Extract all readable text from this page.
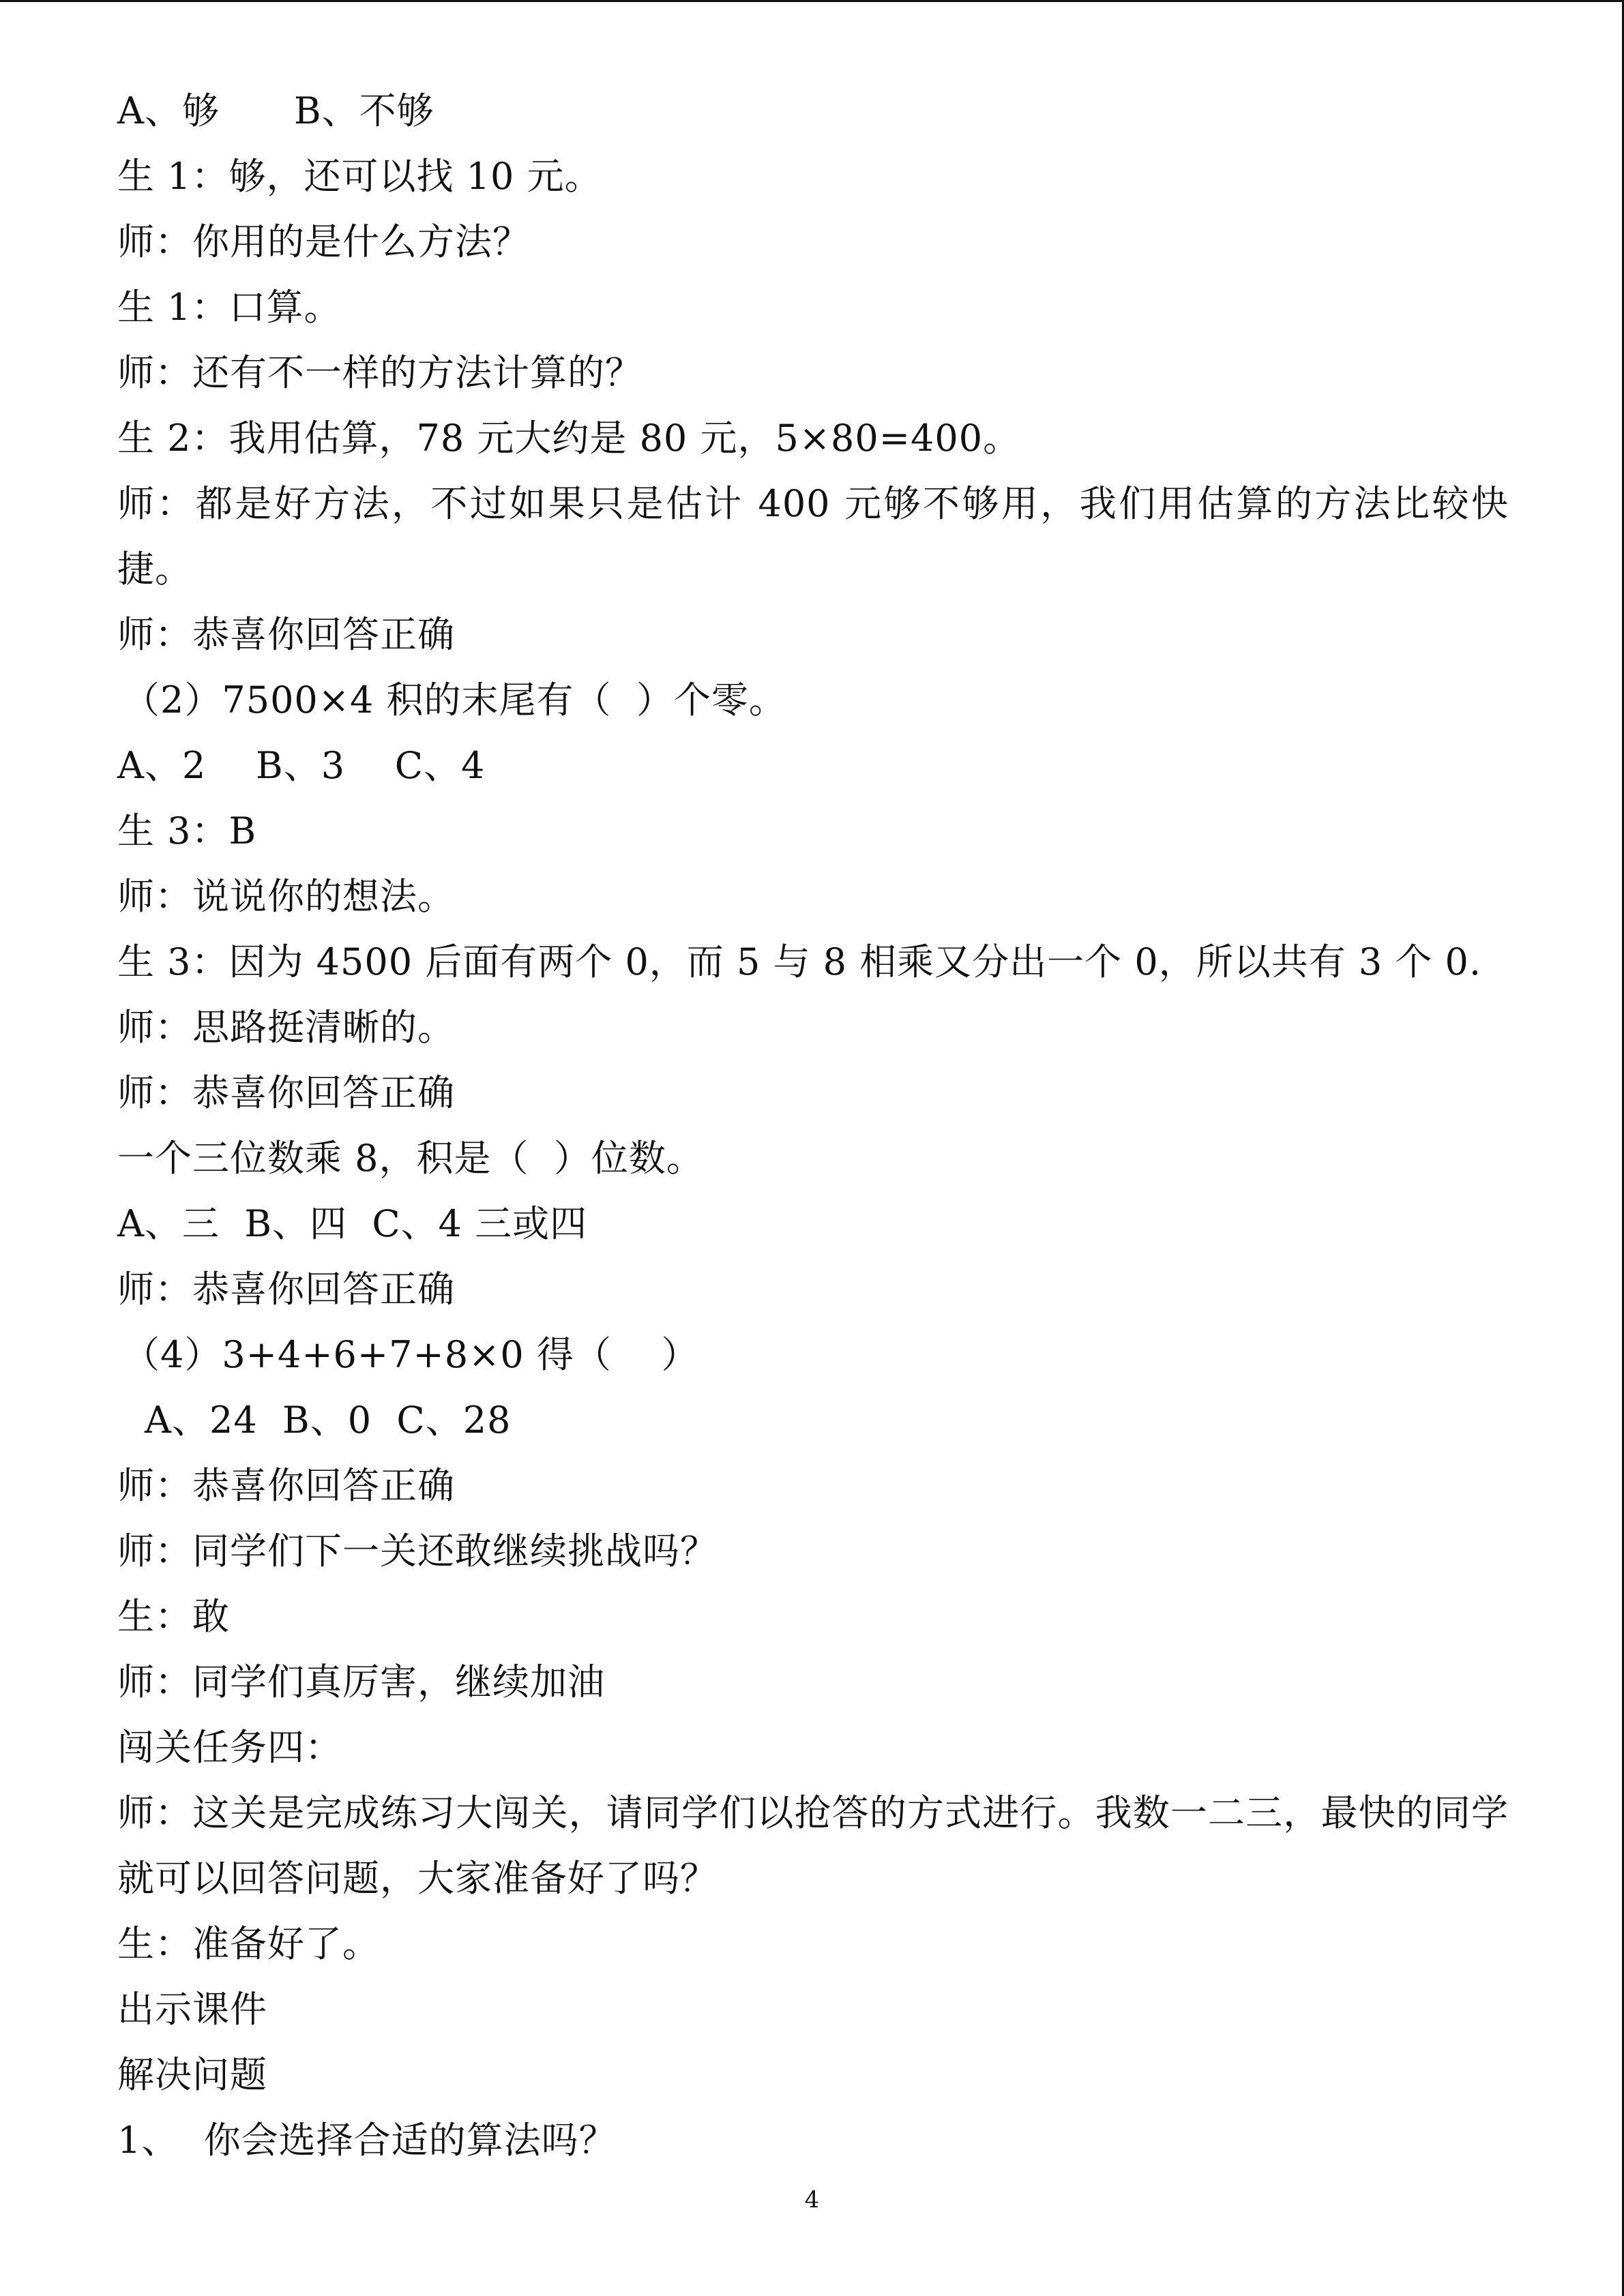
A、够      B、不够
生 1：够，还可以找 10 元。
师：你用的是什么方法？
生 1：口算。
师：还有不一样的方法计算的？
生 2：我用估算，78 元大约是 80 元，5×80=400。
师：都是好方法，不过如果只是估计 400 元够不够用，我们用估算的方法比较快捷。
师：恭喜你回答正确
（2）7500×4 积的末尾有（  ）个零。
A、2    B、3    C、4
生 3：B
师：说说你的想法。
生 3：因为 4500 后面有两个 0，而 5 与 8 相乘又分出一个 0，所以共有 3 个 0.
师：思路挺清晰的。
师：恭喜你回答正确
一个三位数乘 8，积是（  ）位数。
A、三  B、四  C、4 三或四
师：恭喜你回答正确
（4）3+4+6+7+8×0 得（    ）
A、24  B、0  C、28
师：恭喜你回答正确
师：同学们下一关还敢继续挑战吗？
生：敢
师：同学们真厉害，继续加油
闯关任务四：
师：这关是完成练习大闯关，请同学们以抢答的方式进行。我数一二三，最快的同学就可以回答问题，大家准备好了吗？
生：准备好了。
出示课件
解决问题
1、  你会选择合适的算法吗？
4
